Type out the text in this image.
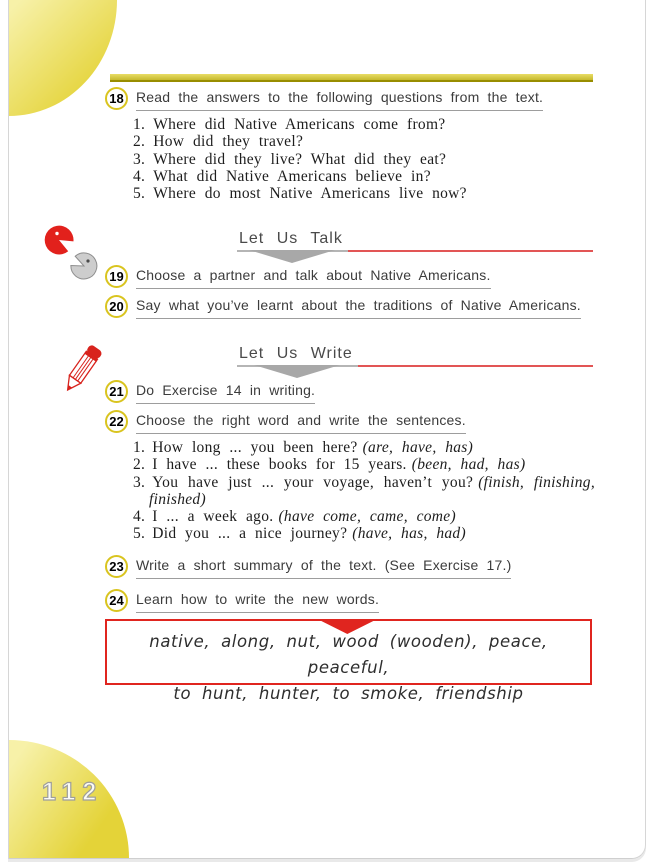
112
18 Read the answers to the following questions from the text.
1. Where did Native Americans come from?
2. How did they travel?
3. Where did they live? What did they eat?
4. What did Native Americans believe in?
5. Where do most Native Americans live now?
Let Us Talk
19 Choose a partner and talk about Native Americans.
20 Say what you’ve learnt about the traditions of Native Americans.
Let Us Write
21 Do Exercise 14 in writing.
22 Choose the right word and write the sentences.
1. How long ... you been here? (are, have, has)
2. I have ... these books for 15 years. (been, had, has)
3. You have just ... your voyage, haven’t you? (finish, finishing, finished)
4. I ... a week ago. (have come, came, come)
5. Did you ... a nice journey? (have, has, had)
23 Write a short summary of the text. (See Exercise 17.)
24 Learn how to write the new words.
native, along, nut, wood (wooden), peace, peaceful,
to hunt, hunter, to smoke, friendship
